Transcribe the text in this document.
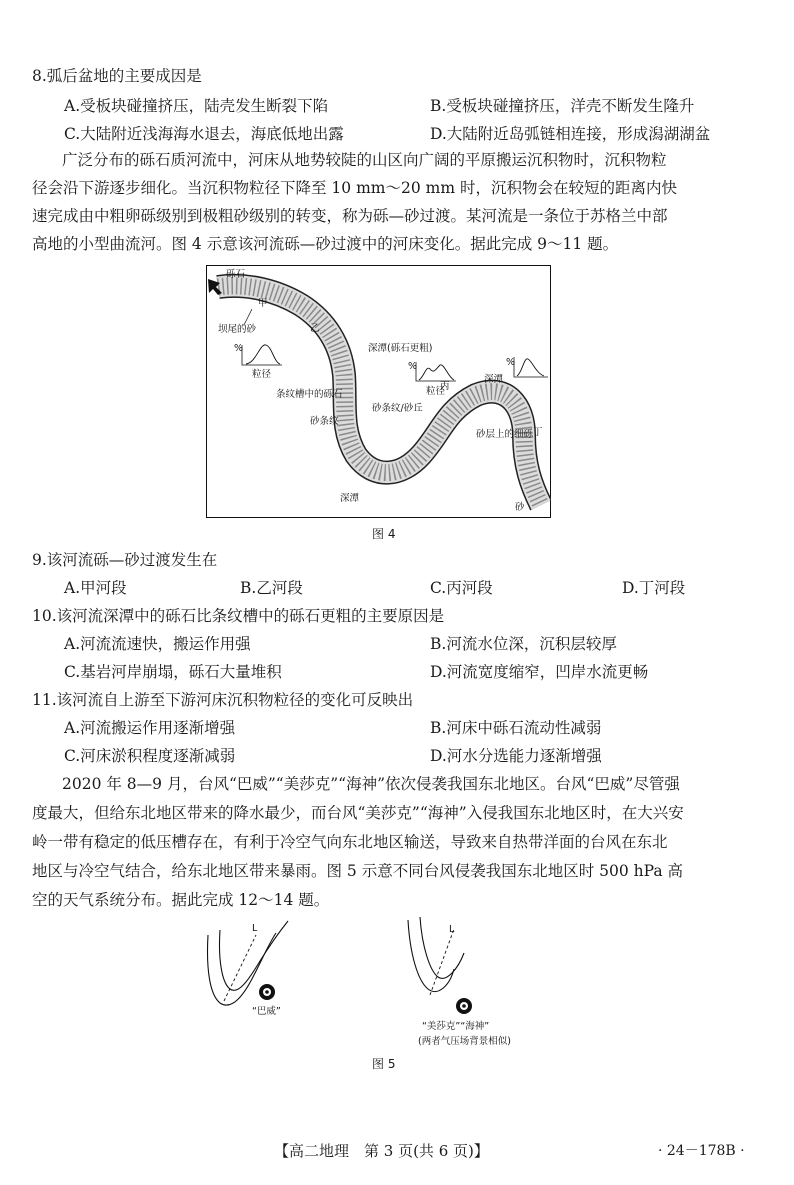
8.弧后盆地的主要成因是
A.受板块碰撞挤压，陆壳发生断裂下陷	B.受板块碰撞挤压，洋壳不断发生隆升
C.大陆附近浅海海水退去，海底低地出露	D.大陆附近岛弧链相连接，形成潟湖湖盆
广泛分布的砾石质河流中，河床从地势较陡的山区向广阔的平原搬运沉积物时，沉积物粒
径会沿下游逐步细化。当沉积物粒径下降至 10 mm～20 mm 时，沉积物会在较短的距离内快
速完成由中粗卵砾级别到极粗砂级别的转变，称为砾—砂过渡。某河流是一条位于苏格兰中部
高地的小型曲流河。图 4 示意该河流砾—砂过渡中的河床变化。据此完成 9～11 题。
砾石
甲
坝尾的砂	乙
深潭(砾石更粗)
条纹槽中的砾石
砂条纹
砂条纹/砂丘
丙
深潭
砂层上的细砾 丁
深潭
砂
%
粒径
%
粒径
%
图 4
9.该河流砾—砂过渡发生在
A.甲河段	B.乙河段	C.丙河段	D.丁河段
10.该河流深潭中的砾石比条纹槽中的砾石更粗的主要原因是
A.河流流速快，搬运作用强	B.河流水位深，沉积层较厚
C.基岩河岸崩塌，砾石大量堆积	D.河流宽度缩窄，凹岸水流更畅
11.该河流自上游至下游河床沉积物粒径的变化可反映出
A.河流搬运作用逐渐增强	B.河床中砾石流动性减弱
C.河床淤积程度逐渐减弱	D.河水分选能力逐渐增强
2020 年 8—9 月，台风“巴威”“美莎克”“海神”依次侵袭我国东北地区。台风“巴威”尽管强
度最大，但给东北地区带来的降水最少，而台风“美莎克”“海神”入侵我国东北地区时，在大兴安
岭一带有稳定的低压槽存在，有利于冷空气向东北地区输送，导致来自热带洋面的台风在东北
地区与冷空气结合，给东北地区带来暴雨。图 5 示意不同台风侵袭我国东北地区时 500 hPa 高
空的天气系统分布。据此完成 12～14 题。
L
“巴威”
L
“美莎克”“海神”
(两者气压场背景相似)
图 5
【高二地理　第 3 页(共 6 页)】	· 24－178B ·
